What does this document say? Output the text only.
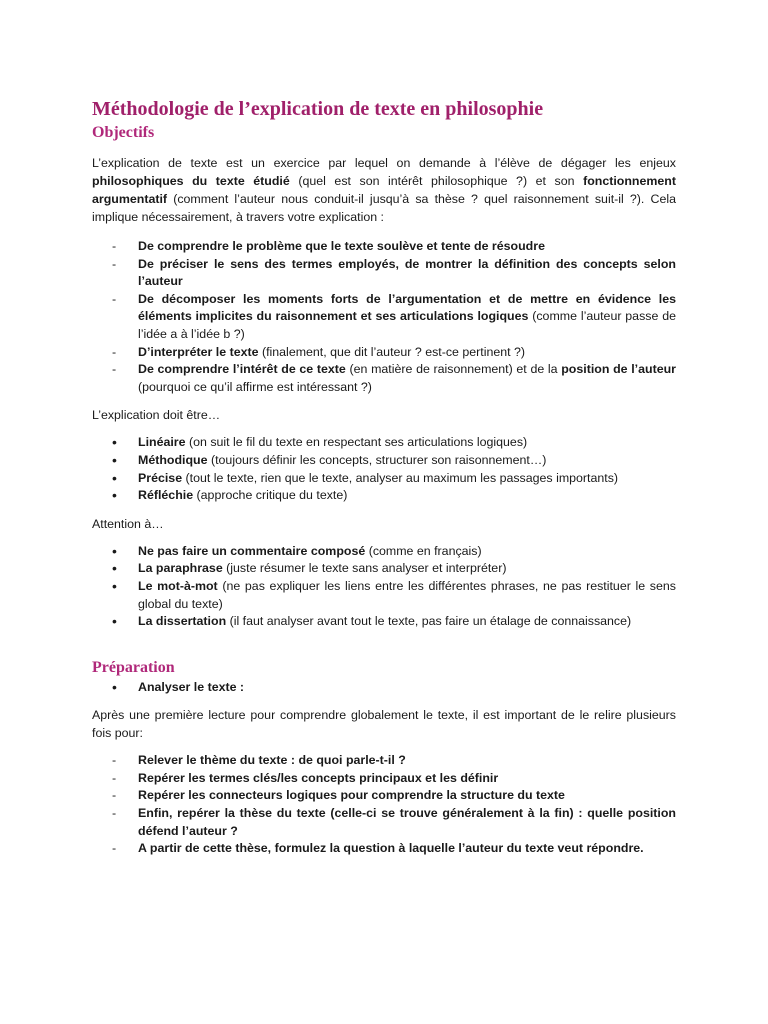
Méthodologie de l’explication de texte en philosophie
Objectifs

L’explication de texte est un exercice par lequel on demande à l’élève de dégager les enjeux philosophiques du texte étudié (quel est son intérêt philosophique ?) et son fonctionnement argumentatif (comment l’auteur nous conduit-il jusqu’à sa thèse ? quel raisonnement suit-il ?). Cela implique nécessairement, à travers votre explication :

- De comprendre le problème que le texte soulève et tente de résoudre
- De préciser le sens des termes employés, de montrer la définition des concepts selon l’auteur
- De décomposer les moments forts de l’argumentation et de mettre en évidence les éléments implicites du raisonnement et ses articulations logiques (comme l’auteur passe de l’idée a à l’idée b ?)
- D’interpréter le texte (finalement, que dit l’auteur ? est-ce pertinent ?)
- De comprendre l’intérêt de ce texte (en matière de raisonnement) et de la position de l’auteur (pourquoi ce qu’il affirme est intéressant ?)

L’explication doit être…

• Linéaire (on suit le fil du texte en respectant ses articulations logiques)
• Méthodique (toujours définir les concepts, structurer son raisonnement…)
• Précise (tout le texte, rien que le texte, analyser au maximum les passages importants)
• Réfléchie (approche critique du texte)

Attention à…

• Ne pas faire un commentaire composé (comme en français)
• La paraphrase (juste résumer le texte sans analyser et interpréter)
• Le mot-à-mot (ne pas expliquer les liens entre les différentes phrases, ne pas restituer le sens global du texte)
• La dissertation (il faut analyser avant tout le texte, pas faire un étalage de connaissance)
Préparation
• Analyser le texte :

Après une première lecture pour comprendre globalement le texte, il est important de le relire plusieurs fois pour:

- Relever le thème du texte : de quoi parle-t-il ?
- Repérer les termes clés/les concepts principaux et les définir
- Repérer les connecteurs logiques pour comprendre la structure du texte
- Enfin, repérer la thèse du texte (celle-ci se trouve généralement à la fin) : quelle position défend l’auteur ?
- A partir de cette thèse, formulez la question à laquelle l’auteur du texte veut répondre.
